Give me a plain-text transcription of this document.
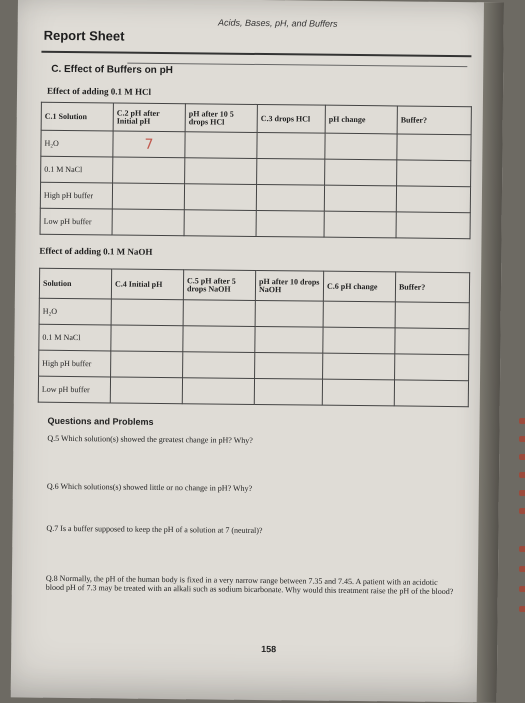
Acids, Bases, pH, and Buffers
Report Sheet
C. Effect of Buffers on pH
Effect of adding 0.1 M HCl
C.1 Solution	C.2 pH after Initial pH	pH after 10 5 drops HCl	C.3 drops HCl	pH change	Buffer?
H₂O	7				
0.1 M NaCl					
High pH buffer					
Low pH buffer					
Effect of adding 0.1 M NaOH
Solution	C.4 Initial pH	C.5 pH after 5 drops NaOH	pH after 10 drops NaOH	C.6 pH change	Buffer?
H₂O					
0.1 M NaCl					
High pH buffer					
Low pH buffer					
Questions and Problems
Q.5 Which solution(s) showed the greatest change in pH? Why?
Q.6 Which solutions(s) showed little or no change in pH? Why?
Q.7 Is a buffer supposed to keep the pH of a solution at 7 (neutral)?
Q.8 Normally, the pH of the human body is fixed in a very narrow range between 7.35 and 7.45. A patient with an acidotic blood pH of 7.3 may be treated with an alkali such as sodium bicarbonate. Why would this treatment raise the pH of the blood?
158
